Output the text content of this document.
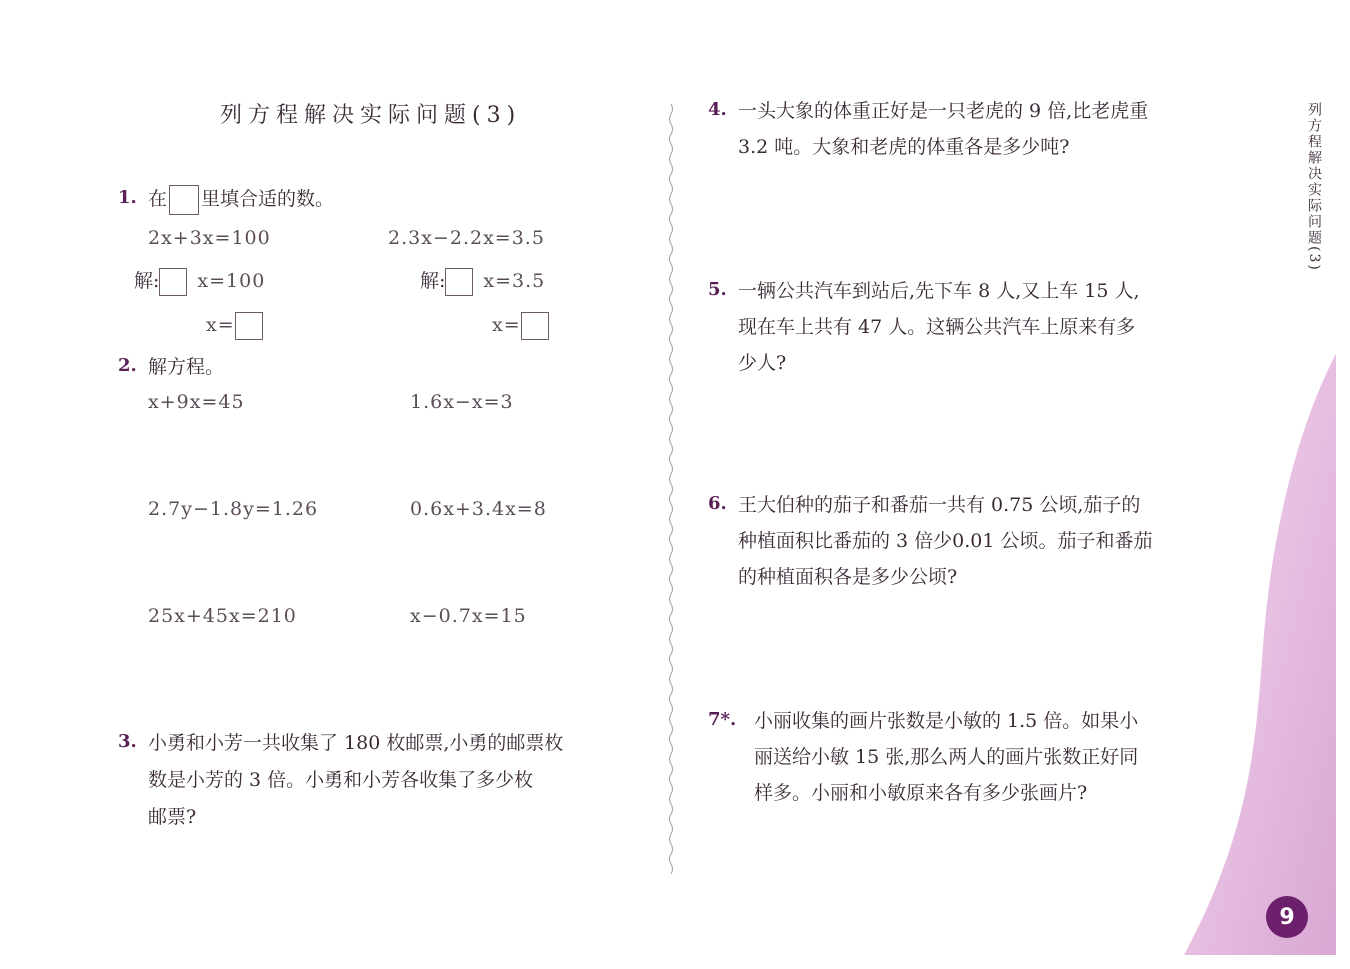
列方程解决实际问题(3)
1. 在 里填合适的数。
2x+3x=100	2.3x−2.2x=3.5
解: x=100	解: x=3.5
x=	x=
2. 解方程。
x+9x=45	1.6x−x=3
2.7y−1.8y=1.26	0.6x+3.4x=8
25x+45x=210	x−0.7x=15
3. 小勇和小芳一共收集了 180 枚邮票,小勇的邮票枚
数是小芳的 3 倍。小勇和小芳各收集了多少枚
邮票?
4. 一头大象的体重正好是一只老虎的 9 倍,比老虎重
3.2 吨。大象和老虎的体重各是多少吨?
5. 一辆公共汽车到站后,先下车 8 人,又上车 15 人,
现在车上共有 47 人。这辆公共汽车上原来有多
少人?
6. 王大伯种的茄子和番茄一共有 0.75 公顷,茄子的
种植面积比番茄的 3 倍少0.01 公顷。茄子和番茄
的种植面积各是多少公顷?
7*. 小丽收集的画片张数是小敏的 1.5 倍。如果小
丽送给小敏 15 张,那么两人的画片张数正好同
样多。小丽和小敏原来各有多少张画片?
列方程解决实际问题(3)
9
